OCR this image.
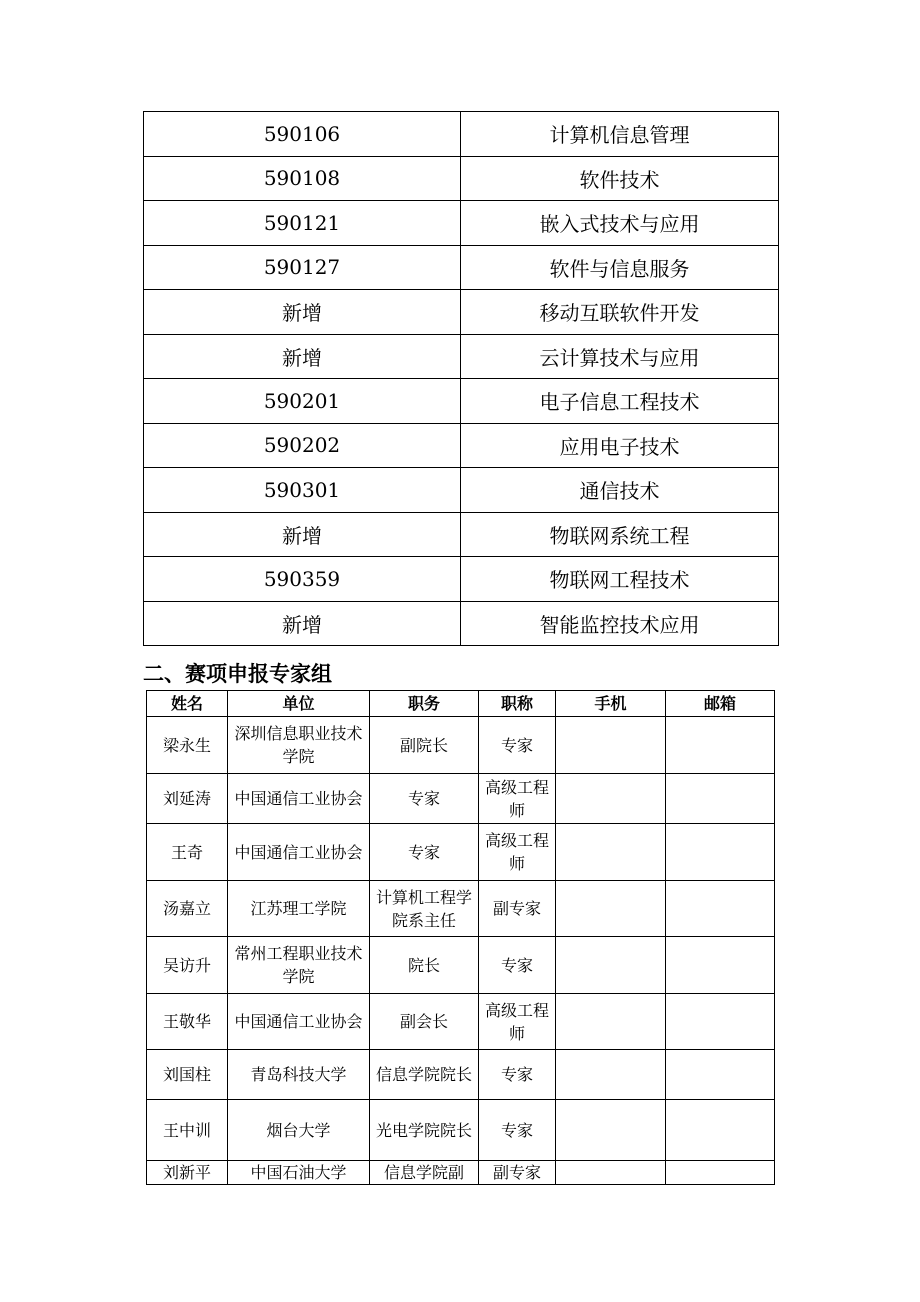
590106	计算机信息管理
590108	软件技术
590121	嵌入式技术与应用
590127	软件与信息服务
新增	移动互联软件开发
新增	云计算技术与应用
590201	电子信息工程技术
590202	应用电子技术
590301	通信技术
新增	物联网系统工程
590359	物联网工程技术
新增	智能监控技术应用
二、赛项申报专家组
姓名	单位	职务	职称	手机	邮箱
梁永生	深圳信息职业技术学院	副院长	专家		
刘延涛	中国通信工业协会	专家	高级工程师		
王奇	中国通信工业协会	专家	高级工程师		
汤嘉立	江苏理工学院	计算机工程学院系主任	副专家		
吴访升	常州工程职业技术学院	院长	专家		
王敬华	中国通信工业协会	副会长	高级工程师		
刘国柱	青岛科技大学	信息学院院长	专家		
王中训	烟台大学	光电学院院长	专家		
刘新平	中国石油大学	信息学院副	副专家		
